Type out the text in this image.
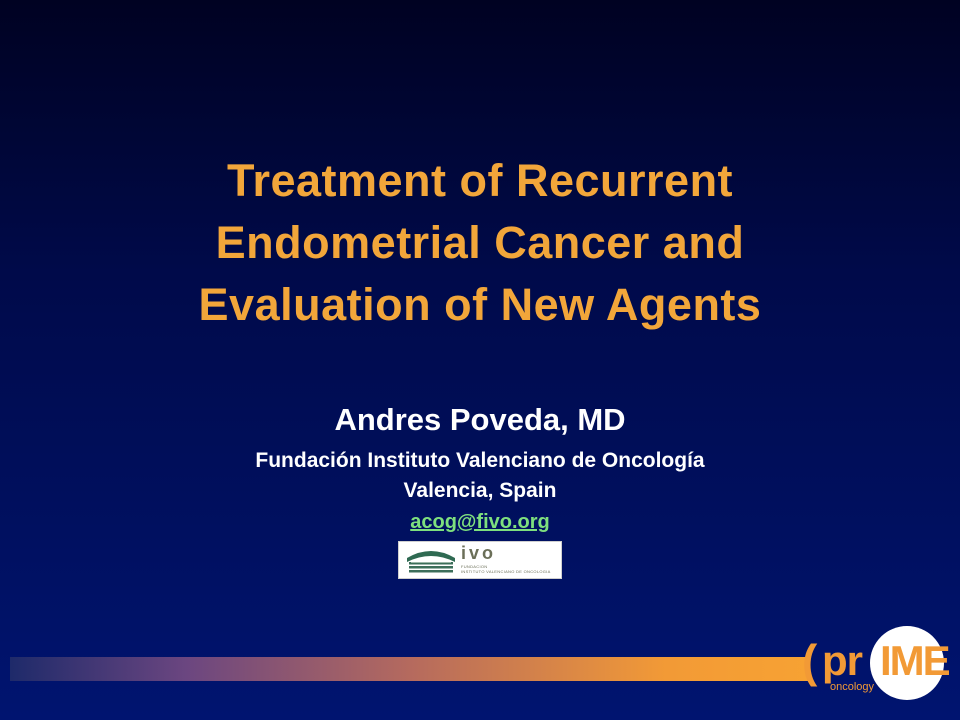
Treatment of Recurrent
Endometrial Cancer and
Evaluation of New Agents
Andres Poveda, MD
Fundación Instituto Valenciano de Oncología
Valencia, Spain
acog@fivo.org
ivo
FUNDACION
INSTITUTO VALENCIANO DE ONCOLOGIA
( pr IME
oncology
